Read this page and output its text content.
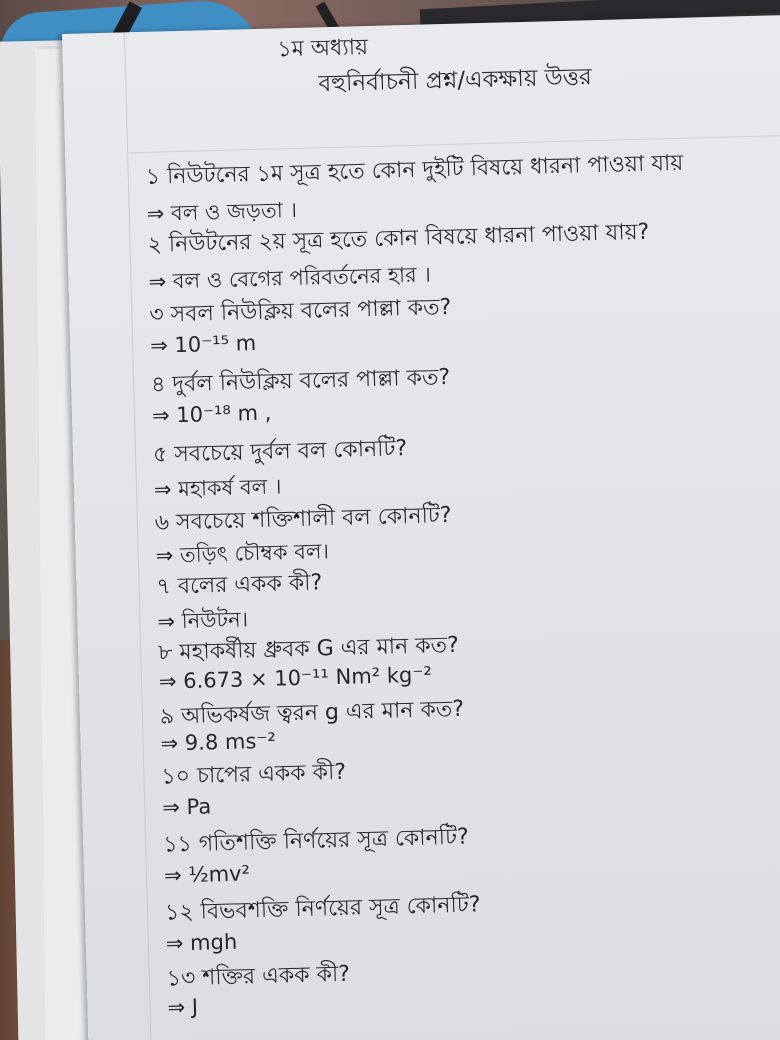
১ম অধ্যায়
বহুনির্বাচনী প্রশ্ন/একক্ষায় উত্তর
১ নিউটনের ১ম সূত্র হতে কোন দুইটি বিষয়ে ধারনা পাওয়া যায়
⇒ বল ও জড়তা ।
২ নিউটনের ২য় সূত্র হতে কোন বিষয়ে ধারনা পাওয়া যায়?
⇒ বল ও বেগের পরিবর্তনের হার ।
৩ সবল নিউক্লিয় বলের পাল্লা কত?
⇒ 10⁻¹⁵ m
৪ দুর্বল নিউক্লিয় বলের পাল্লা কত?
⇒ 10⁻¹⁸ m ,
৫ সবচেয়ে দুর্বল বল কোনটি?
⇒ মহাকর্ষ বল ।
৬ সবচেয়ে শক্তিশালী বল কোনটি?
⇒ তড়িৎ চৌম্বক বল।
৭ বলের একক কী?
⇒ নিউটন।
৮ মহাকর্ষীয় ধ্রুবক G এর মান কত?
⇒ 6.673 × 10⁻¹¹ Nm² kg⁻²
৯ অভিকর্ষজ ত্বরন g এর মান কত?
⇒ 9.8 ms⁻²
১০ চাপের একক কী?
⇒ Pa
১১ গতিশক্তি নির্ণয়ের সূত্র কোনটি?
⇒ ½mv²
১২ বিভবশক্তি নির্ণয়ের সূত্র কোনটি?
⇒ mgh
১৩ শক্তির একক কী?
⇒ J
